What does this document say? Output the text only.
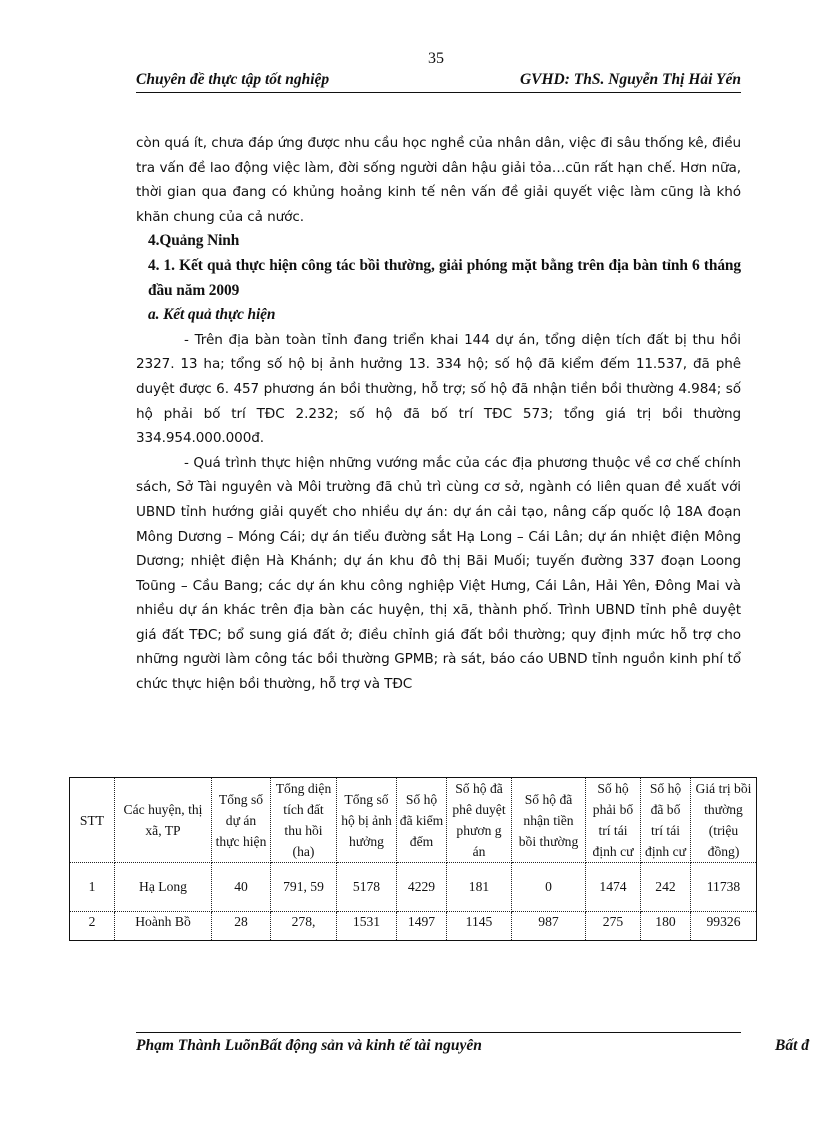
35
Chuyên đề thực tập tốt nghiệp	GVHD: ThS. Nguyễn Thị Hải Yến

còn quá ít, chưa đáp ứng được nhu cầu học nghề của nhân dân, việc đi sâu thống kê, điều tra vấn đề lao động việc làm, đời sống người dân hậu giải tỏa…cũn rất hạn chế. Hơn nữa, thời gian qua đang có khủng hoảng kinh tế nên vấn đề giải quyết việc làm cũng là khó khăn chung của cả nước.

4.Quảng Ninh

4. 1. Kết quả thực hiện công tác bồi thường, giải phóng mặt bằng trên địa bàn tỉnh 6 tháng đầu năm 2009

a. Kết quả thực hiện

- Trên địa bàn toàn tỉnh đang triển khai 144 dự án, tổng diện tích đất bị thu hồi 2327. 13 ha; tổng số hộ bị ảnh hưởng 13. 334 hộ; số hộ đã kiểm đếm 11.537, đã phê duyệt được 6. 457 phương án bồi thường, hỗ trợ; số hộ đã nhận tiền bồi thường 4.984; số hộ phải bố trí TĐC 2.232; số hộ đã bố trí TĐC 573; tổng giá trị bồi thường 334.954.000.000đ.

- Quá trình thực hiện những vướng mắc của các địa phương thuộc về cơ chế chính sách, Sở Tài nguyên và Môi trường đã chủ trì cùng cơ sở, ngành có liên quan đề xuất với UBND tỉnh hướng giải quyết cho nhiều dự án: dự án cải tạo, nâng cấp quốc lộ 18A đoạn Mông Dương – Móng Cái; dự án tiểu đường sắt Hạ Long – Cái Lân; dự án nhiệt điện Mông Dương; nhiệt điện Hà Khánh; dự án khu đô thị Bãi Muối; tuyến đường 337 đoạn Loong Toũng – Cầu Bang; các dự án khu công nghiệp Việt Hưng, Cái Lân, Hải Yên, Đông Mai và nhiều dự án khác trên địa bàn các huyện, thị xã, thành phố. Trình UBND tỉnh phê duyệt giá đất TĐC; bổ sung giá đất ở; điều chỉnh giá đất bồi thường; quy định mức hỗ trợ cho những người làm công tác bồi thường GPMB; rà sát, báo cáo UBND tỉnh nguồn kinh phí tổ chức thực hiện bồi thường, hỗ trợ và TĐC

STT	Các huyện, thị xã, TP	Tổng số dự án thực hiện	Tổng diện tích đất thu hồi (ha)	Tổng số hộ bị ảnh hưởng	Số hộ đã kiểm đếm	Số hộ đã phê duyệt phươn g án	Số hộ đã nhận tiền bồi thường	Số hộ phải bố trí tái định cư	Số hộ đã bố trí tái định cư	Giá trị bồi thường (triệu đồng)
1	Hạ Long	40	791, 59	5178	4229	181	0	1474	242	11738
2	Hoành Bồ	28	278,	1531	1497	1145	987	275	180	99326
Phạm Thành LuõnBất động sản và kinh tế tài nguyên	Bất đ
